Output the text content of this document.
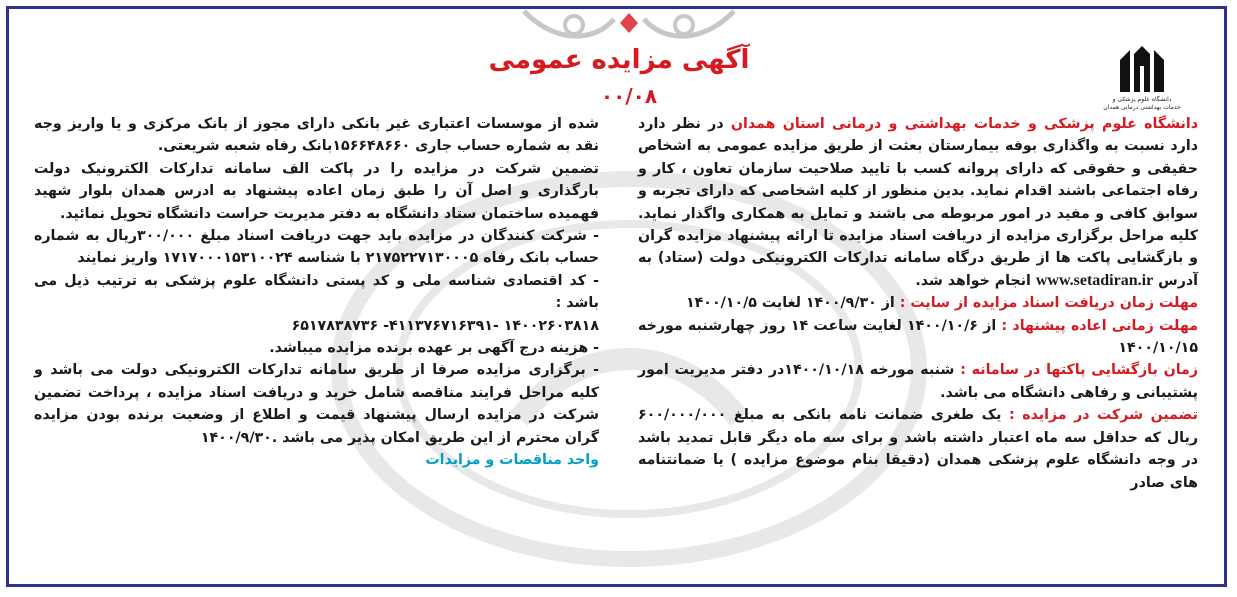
دانشگاه علوم پزشکی و
خدمات بهداشتی درمانی همدان
آگهی مزایده عمومی
۰۰/۰۸

دانشگاه علوم پزشکی و خدمات بهداشتی و درمانی استان همدان در نظر دارد دارد نسبت به واگذاری بوفه بیمارستان بعثت از طریق مزایده عمومی به اشخاص حقیقی و حقوقی که دارای پروانه کسب با تایید صلاحیت سازمان تعاون ، کار و رفاه اجتماعی باشند اقدام نماید. بدین منظور از کلیه اشخاصی که دارای تجربه و سوابق کافی و مفید در امور مربوطه می باشند و تمایل به همکاری واگذار نماید. کلیه مراحل برگزاری مزایده از دریافت اسناد مزایده تا ارائه پیشنهاد مزایده گران و بازگشایی پاکت ها از طریق درگاه سامانه تدارکات الکترونیکی دولت (ستاد) به آدرس www.setadiran.ir انجام خواهد شد.

مهلت زمان دریافت اسناد مزایده از سایت : از ۱۴۰۰/۹/۳۰ لغایت ۱۴۰۰/۱۰/۵

مهلت زمانی اعاده پیشنهاد : از ۱۴۰۰/۱۰/۶ لغایت ساعت ۱۴ روز چهارشنبه مورخه ۱۴۰۰/۱۰/۱۵

زمان بازگشایی پاکتها در سامانه : شنبه مورخه ۱۴۰۰/۱۰/۱۸در دفتر مدیریت امور پشتیبانی و رفاهی دانشگاه می باشد.

تضمین شرکت در مزایده : یک طغری ضمانت نامه بانکی به مبلغ ۶۰۰/۰۰۰/۰۰۰ ریال که حداقل سه ماه اعتبار داشته باشد و برای سه ماه دیگر قابل تمدید باشد در وجه دانشگاه علوم پزشکی همدان (دقیقا بنام موضوع مزایده ) یا ضمانتنامه های صادر

شده از موسسات اعتباری غیر بانکی دارای مجوز از بانک مرکزی و یا واریز وجه نقد به شماره حساب جاری ۱۵۶۶۴۸۶۶۰بانک رفاه شعبه شریعتی.

تضمین شرکت در مزایده را در پاکت الف سامانه تدارکات الکترونیک دولت بارگذاری و اصل آن را طبق زمان اعاده پیشنهاد به ادرس همدان بلوار شهید فهمیده ساختمان ستاد دانشگاه به دفتر مدیریت حراست دانشگاه تحویل نمائید.

- شرکت کنندگان در مزایده باید جهت دریافت اسناد مبلغ ۳۰۰/۰۰۰ریال به شماره حساب بانک رفاه ۲۱۷۵۲۲۷۱۳۰۰۰۵ با شناسه ۱۷۱۷۰۰۰۱۵۳۱۰۰۲۴ واریز نمایند

- کد اقتصادی شناسه ملی و کد پستی دانشگاه علوم پزشکی به ترتیب ذیل می باشد :

۱۴۰۰۲۶۰۳۸۱۸ -۴۱۱۳۷۶۷۱۶۳۹۱- ۶۵۱۷۸۳۸۷۳۶

- هزینه درج آگهی بر عهده برنده مزایده میباشد.

- برگزاری مزایده صرفا از طریق سامانه تدارکات الکترونیکی دولت می باشد و کلیه مراحل فرایند مناقصه شامل خرید و دریافت اسناد مزایده ، پرداخت تضمین شرکت در مزایده ارسال پیشنهاد قیمت و اطلاع از وضعیت برنده بودن مزایده گران محترم از این طریق امکان پذیر می باشد .۱۴۰۰/۹/۳۰

واحد مناقصات و مزایدات
